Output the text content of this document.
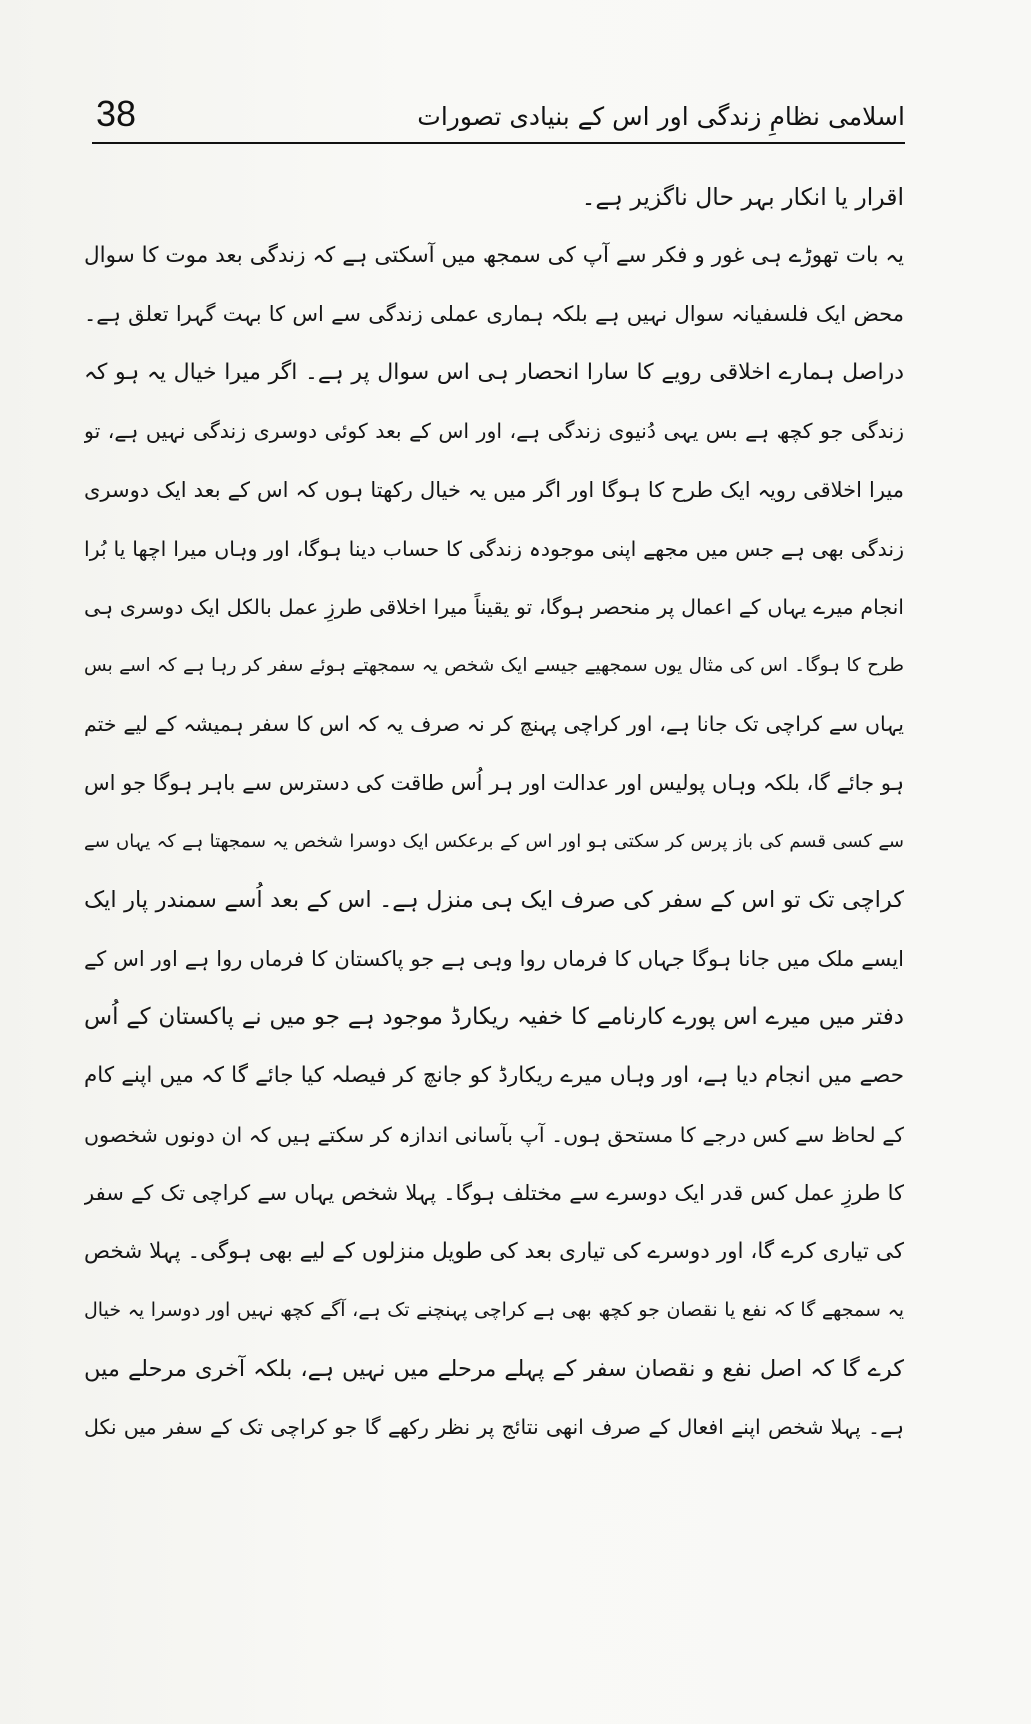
38	اسلامی نظامِ زندگی اور اس کے بنیادی تصورات
اقرار یا انکار بہر حال ناگزیر ہے۔
یہ بات تھوڑے ہی غور و فکر سے آپ کی سمجھ میں آسکتی ہے کہ زندگی بعد موت کا سوال
محض ایک فلسفیانہ سوال نہیں ہے بلکہ ہماری عملی زندگی سے اس کا بہت گہرا تعلق ہے۔
دراصل ہمارے اخلاقی رویے کا سارا انحصار ہی اس سوال پر ہے۔ اگر میرا خیال یہ ہو کہ
زندگی جو کچھ ہے بس یہی دُنیوی زندگی ہے، اور اس کے بعد کوئی دوسری زندگی نہیں ہے، تو
میرا اخلاقی رویہ ایک طرح کا ہوگا اور اگر میں یہ خیال رکھتا ہوں کہ اس کے بعد ایک دوسری
زندگی بھی ہے جس میں مجھے اپنی موجودہ زندگی کا حساب دینا ہوگا، اور وہاں میرا اچھا یا بُرا
انجام میرے یہاں کے اعمال پر منحصر ہوگا، تو یقیناً میرا اخلاقی طرزِ عمل بالکل ایک دوسری ہی
طرح کا ہوگا۔ اس کی مثال یوں سمجھیے جیسے ایک شخص یہ سمجھتے ہوئے سفر کر رہا ہے کہ اسے بس
یہاں سے کراچی تک جانا ہے، اور کراچی پہنچ کر نہ صرف یہ کہ اس کا سفر ہمیشہ کے لیے ختم
ہو جائے گا، بلکہ وہاں پولیس اور عدالت اور ہر اُس طاقت کی دسترس سے باہر ہوگا جو اس
سے کسی قسم کی باز پرس کر سکتی ہو اور اس کے برعکس ایک دوسرا شخص یہ سمجھتا ہے کہ یہاں سے
کراچی تک تو اس کے سفر کی صرف ایک ہی منزل ہے۔ اس کے بعد اُسے سمندر پار ایک
ایسے ملک میں جانا ہوگا جہاں کا فرماں روا وہی ہے جو پاکستان کا فرماں روا ہے اور اس کے
دفتر میں میرے اس پورے کارنامے کا خفیہ ریکارڈ موجود ہے جو میں نے پاکستان کے اُس
حصے میں انجام دیا ہے، اور وہاں میرے ریکارڈ کو جانچ کر فیصلہ کیا جائے گا کہ میں اپنے کام
کے لحاظ سے کس درجے کا مستحق ہوں۔ آپ بآسانی اندازہ کر سکتے ہیں کہ ان دونوں شخصوں
کا طرزِ عمل کس قدر ایک دوسرے سے مختلف ہوگا۔ پہلا شخص یہاں سے کراچی تک کے سفر
کی تیاری کرے گا، اور دوسرے کی تیاری بعد کی طویل منزلوں کے لیے بھی ہوگی۔ پہلا شخص
یہ سمجھے گا کہ نفع یا نقصان جو کچھ بھی ہے کراچی پہنچنے تک ہے، آگے کچھ نہیں اور دوسرا یہ خیال
کرے گا کہ اصل نفع و نقصان سفر کے پہلے مرحلے میں نہیں ہے، بلکہ آخری مرحلے میں
ہے۔ پہلا شخص اپنے افعال کے صرف انھی نتائج پر نظر رکھے گا جو کراچی تک کے سفر میں نکل
